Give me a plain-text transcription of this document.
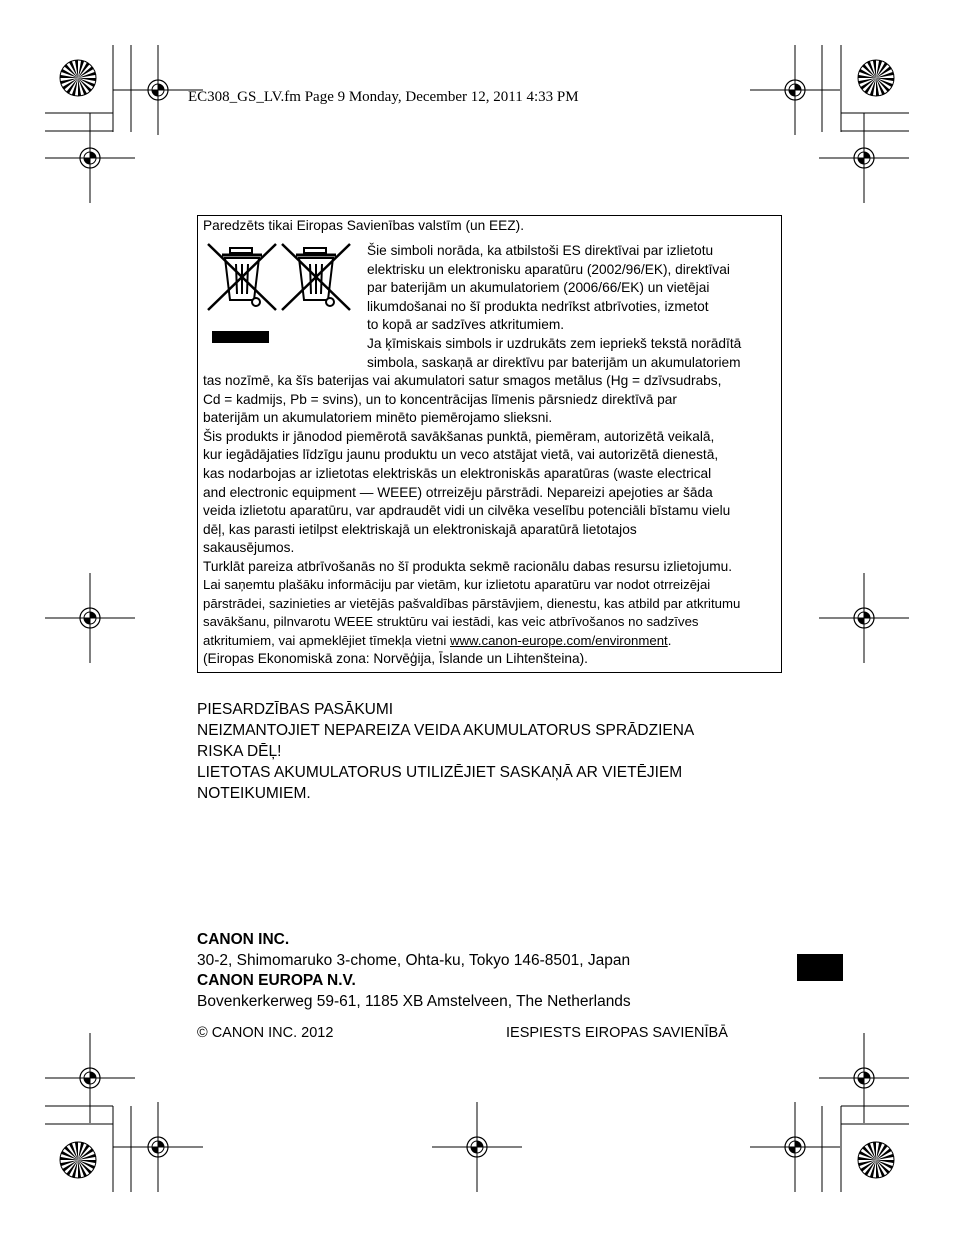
EC308_GS_LV.fm Page 9 Monday, December 12, 2011 4:33 PM
Paredzēts tikai Eiropas Savienības valstīm (un EEZ).
Šie simboli norāda, ka atbilstoši ES direktīvai par izlietotu
elektrisku un elektronisku aparatūru (2002/96/EK), direktīvai
par baterijām un akumulatoriem (2006/66/EK) un vietējai
likumdošanai no šī produkta nedrīkst atbrīvoties, izmetot
to kopā ar sadzīves atkritumiem.
Ja ķīmiskais simbols ir uzdrukāts zem iepriekš tekstā norādītā
simbola, saskaņā ar direktīvu par baterijām un akumulatoriem
tas nozīmē, ka šīs baterijas vai akumulatori satur smagos metālus (Hg = dzīvsudrabs,
Cd = kadmijs, Pb = svins), un to koncentrācijas līmenis pārsniedz direktīvā par
baterijām un akumulatoriem minēto piemērojamo slieksni.
Šis produkts ir jānodod piemērotā savākšanas punktā, piemēram, autorizētā veikalā,
kur iegādājaties līdzīgu jaunu produktu un veco atstājat vietā, vai autorizētā dienestā,
kas nodarbojas ar izlietotas elektriskās un elektroniskās aparatūras (waste electrical
and electronic equipment — WEEE) otrreizēju pārstrādi. Nepareizi apejoties ar šāda
veida izlietotu aparatūru, var apdraudēt vidi un cilvēka veselību potenciāli bīstamu vielu
dēļ, kas parasti ietilpst elektriskajā un elektroniskajā aparatūrā lietotajos
sakausējumos.
Turklāt pareiza atbrīvošanās no šī produkta sekmē racionālu dabas resursu izlietojumu.
Lai saņemtu plašāku informāciju par vietām, kur izlietotu aparatūru var nodot otrreizējai
pārstrādei, sazinieties ar vietējās pašvaldības pārstāvjiem, dienestu, kas atbild par atkritumu
savākšanu, pilnvarotu WEEE struktūru vai iestādi, kas veic atbrīvošanos no sadzīves
atkritumiem, vai apmeklējiet tīmekļa vietni www.canon-europe.com/environment.
(Eiropas Ekonomiskā zona: Norvēģija, Īslande un Lihtenšteina).
PIESARDZĪBAS PASĀKUMI
NEIZMANTOJIET NEPAREIZA VEIDA AKUMULATORUS SPRĀDZIENA
RISKA DĒĻ!
LIETOTAS AKUMULATORUS UTILIZĒJIET SASKAŅĀ AR VIETĒJIEM
NOTEIKUMIEM.
CANON INC.
30-2, Shimomaruko 3-chome, Ohta-ku, Tokyo 146-8501, Japan
CANON EUROPA N.V.
Bovenkerkerweg 59-61, 1185 XB Amstelveen, The Netherlands
© CANON INC. 2012	IESPIESTS EIROPAS SAVIENĪBĀ
